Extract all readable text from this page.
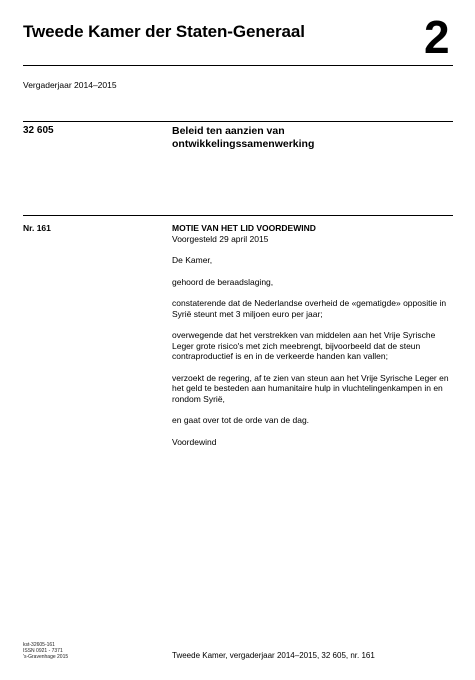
Tweede Kamer der Staten-Generaal	2
Vergaderjaar 2014–2015
32 605	Beleid ten aanzien van
ontwikkelingssamenwerking
Nr. 161	MOTIE VAN HET LID VOORDEWIND

Voorgesteld 29 april 2015

De Kamer,

gehoord de beraadslaging,

constaterende dat de Nederlandse overheid de «gematigde» oppositie in Syrië steunt met 3 miljoen euro per jaar;

overwegende dat het verstrekken van middelen aan het Vrije Syrische Leger grote risico's met zich meebrengt, bijvoorbeeld dat de steun contraproductief is en in de verkeerde handen kan vallen;

verzoekt de regering, af te zien van steun aan het Vrije Syrische Leger en het geld te besteden aan humanitaire hulp in vluchtelingenkampen in en rondom Syrië,

en gaat over tot de orde van de dag.

Voordewind

kst-32605-161
ISSN 0921 - 7371
's-Gravenhage 2015	Tweede Kamer, vergaderjaar 2014–2015, 32 605, nr. 161
